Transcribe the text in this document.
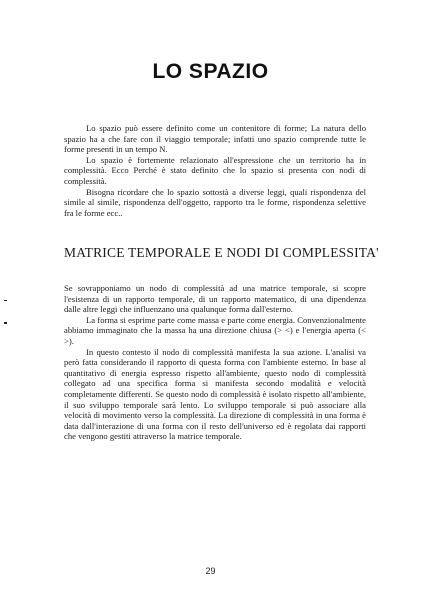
LO SPAZIO

Lo spazio può essere definito come un contenitore di forme; La natura dello spazio ha a che fare con il viaggio temporale; infatti uno spazio comprende tutte le forme presenti in un tempo N.

Lo spazio è fortemente relazionato all'espressione che un territorio ha in complessità. Ecco Perché è stato definito che lo spazio si presenta con nodi di complessità.

Bisogna ricordare che lo spazio sottostà a diverse leggi, quali rispondenza del simile al simile, rispondenza dell'oggetto, rapporto tra le forme, rispondenza selettive fra le forme ecc..

MATRICE TEMPORALE E NODI DI COMPLESSITA'

Se sovrapponiamo un nodo di complessità ad una matrice temporale, si scopre l'esistenza di un rapporto temporale, di un rapporto matematico, di una dipendenza dalle altre leggi che influenzano una qualunque forma dall'esterno.

La forma si esprime parte come massa e parte come energia. Convenzionalmente abbiamo immaginato che la massa ha una direzione chiusa (> <) e l'energia aperta (< >).

In questo contesto il nodo di complessità manifesta la sua azione. L'analisi va però fatta considerando il rapporto di questa forma con l'ambiente esterno. In base al quantitativo di energia espresso rispetto all'ambiente, questo nodo di complessità collegato ad una specifica forma si manifesta secondo modalità e velocità completamente differenti. Se questo nodo di complessità è isolato rispetto all'ambiente, il suo sviluppo temporale sarà lento. Lo sviluppo temporale si può associare alla velocità di movimento verso la complessità. La direzione di complessità in una forma è data dall'interazione di una forma con il resto dell'universo ed è regolata dai rapporti che vengono gestiti attraverso la matrice temporale.

29
